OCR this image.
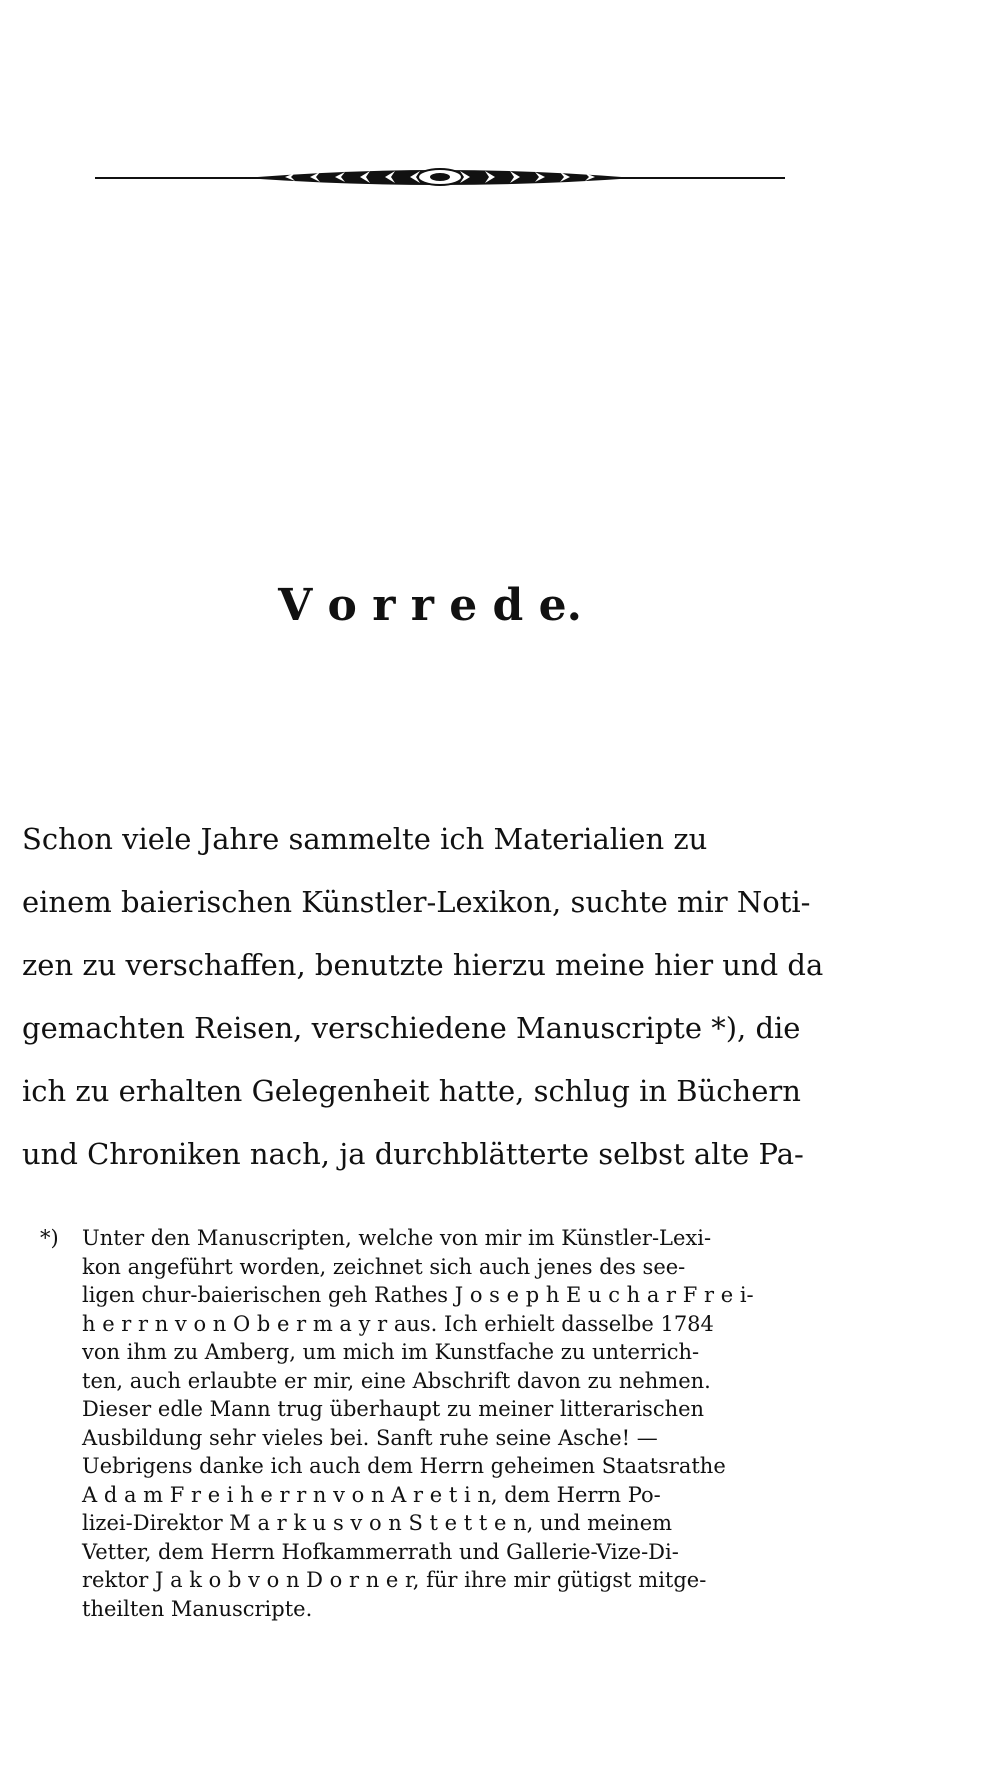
V o r r e d e.
Schon viele Jahre sammelte ich Materialien zu
einem baierischen Künstler-Lexikon, suchte mir Noti-
zen zu verschaffen, benutzte hierzu meine hier und da
gemachten Reisen, verschiedene Manuscripte *), die
ich zu erhalten Gelegenheit hatte, schlug in Büchern
und Chroniken nach, ja durchblätterte selbst alte Pa-
*) Unter den Manuscripten, welche von mir im Künstler-Lexi-
kon angeführt worden, zeichnet sich auch jenes des see-
ligen chur-baierischen geh Rathes J o s e p h E u c h a r F r e i-
h e r r n v o n O b e r m a y r aus. Ich erhielt dasselbe 1784
von ihm zu Amberg, um mich im Kunstfache zu unterrich-
ten, auch erlaubte er mir, eine Abschrift davon zu nehmen.
Dieser edle Mann trug überhaupt zu meiner litterarischen
Ausbildung sehr vieles bei. Sanft ruhe seine Asche! —
Uebrigens danke ich auch dem Herrn geheimen Staatsrathe
A d a m F r e i h e r r n v o n A r e t i n, dem Herrn Po-
lizei-Direktor M a r k u s v o n S t e t t e n, und meinem
Vetter, dem Herrn Hofkammerrath und Gallerie-Vize-Di-
rektor J a k o b v o n D o r n e r, für ihre mir gütigst mitge-
theilten Manuscripte.
